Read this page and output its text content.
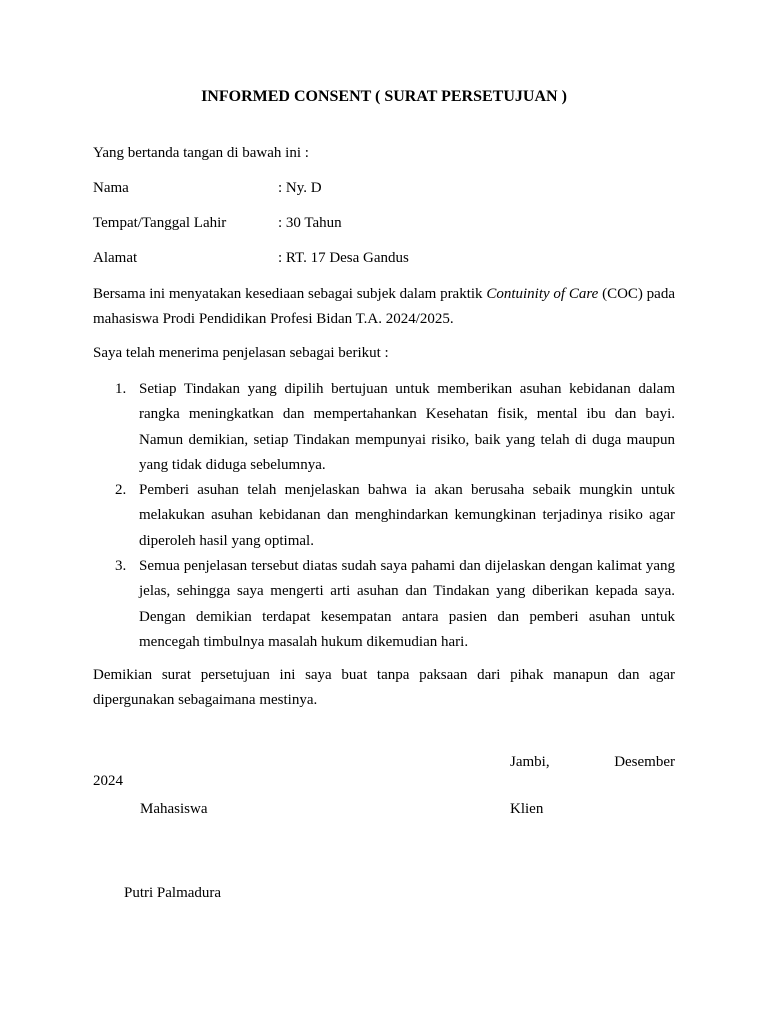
INFORMED CONSENT ( SURAT PERSETUJUAN )
Yang bertanda tangan di bawah ini :
Nama	: Ny. D
Tempat/Tanggal Lahir	: 30 Tahun
Alamat	: RT. 17 Desa Gandus
Bersama ini menyatakan kesediaan sebagai subjek dalam praktik Contuinity of Care (COC) pada mahasiswa Prodi Pendidikan Profesi Bidan T.A. 2024/2025.
Saya telah menerima penjelasan sebagai berikut :
1. Setiap Tindakan yang dipilih bertujuan untuk memberikan asuhan kebidanan dalam rangka meningkatkan dan mempertahankan Kesehatan fisik, mental ibu dan bayi. Namun demikian, setiap Tindakan mempunyai risiko, baik yang telah di duga maupun yang tidak diduga sebelumnya.
2. Pemberi asuhan telah menjelaskan bahwa ia akan berusaha sebaik mungkin untuk melakukan asuhan kebidanan dan menghindarkan kemungkinan terjadinya risiko agar diperoleh hasil yang optimal.
3. Semua penjelasan tersebut diatas sudah saya pahami dan dijelaskan dengan kalimat yang jelas, sehingga saya mengerti arti asuhan dan Tindakan yang diberikan kepada saya. Dengan demikian terdapat kesempatan antara pasien dan pemberi asuhan untuk mencegah timbulnya masalah hukum dikemudian hari.
Demikian surat persetujuan ini saya buat tanpa paksaan dari pihak manapun dan agar dipergunakan sebagaimana mestinya.
Jambi,	Desember
2024
Mahasiswa	Klien
Putri Palmadura
